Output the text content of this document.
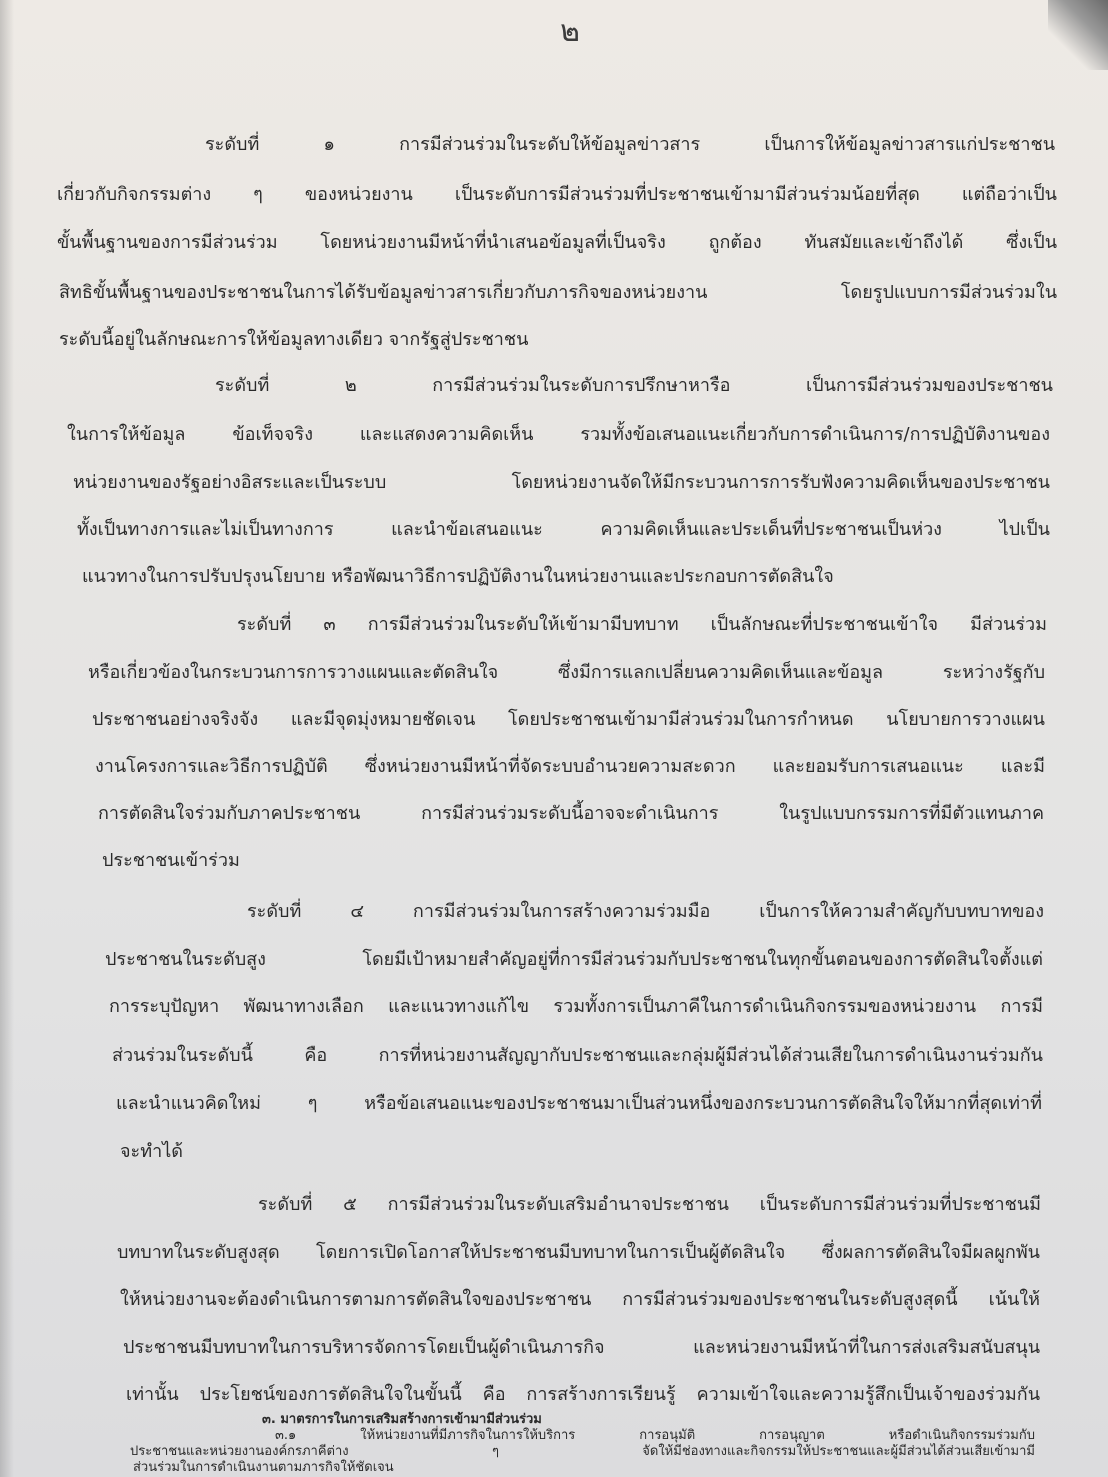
๒
ระดับที่ ๑ การมีส่วนร่วมในระดับให้ข้อมูลข่าวสาร เป็นการให้ข้อมูลข่าวสารแก่ประชาชน
เกี่ยวกับกิจกรรมต่าง ๆ ของหน่วยงาน เป็นระดับการมีส่วนร่วมที่ประชาชนเข้ามามีส่วนร่วมน้อยที่สุด แต่ถือว่าเป็น
ขั้นพื้นฐานของการมีส่วนร่วม โดยหน่วยงานมีหน้าที่นำเสนอข้อมูลที่เป็นจริง ถูกต้อง ทันสมัยและเข้าถึงได้ ซึ่งเป็น
สิทธิขั้นพื้นฐานของประชาชนในการได้รับข้อมูลข่าวสารเกี่ยวกับภารกิจของหน่วยงาน โดยรูปแบบการมีส่วนร่วมใน
ระดับนี้อยู่ในลักษณะการให้ข้อมูลทางเดียว จากรัฐสู่ประชาชน
ระดับที่ ๒ การมีส่วนร่วมในระดับการปรึกษาหารือ เป็นการมีส่วนร่วมของประชาชน
ในการให้ข้อมูล ข้อเท็จจริง และแสดงความคิดเห็น รวมทั้งข้อเสนอแนะเกี่ยวกับการดำเนินการ/การปฏิบัติงานของ
หน่วยงานของรัฐอย่างอิสระและเป็นระบบ โดยหน่วยงานจัดให้มีกระบวนการการรับฟังความคิดเห็นของประชาชน
ทั้งเป็นทางการและไม่เป็นทางการ และนำข้อเสนอแนะ ความคิดเห็นและประเด็นที่ประชาชนเป็นห่วง ไปเป็น
แนวทางในการปรับปรุงนโยบาย หรือพัฒนาวิธีการปฏิบัติงานในหน่วยงานและประกอบการตัดสินใจ
ระดับที่ ๓ การมีส่วนร่วมในระดับให้เข้ามามีบทบาท เป็นลักษณะที่ประชาชนเข้าใจ มีส่วนร่วม
หรือเกี่ยวข้องในกระบวนการการวางแผนและตัดสินใจ ซึ่งมีการแลกเปลี่ยนความคิดเห็นและข้อมูล ระหว่างรัฐกับ
ประชาชนอย่างจริงจัง และมีจุดมุ่งหมายชัดเจน โดยประชาชนเข้ามามีส่วนร่วมในการกำหนด นโยบายการวางแผน
งานโครงการและวิธีการปฏิบัติ ซึ่งหน่วยงานมีหน้าที่จัดระบบอำนวยความสะดวก และยอมรับการเสนอแนะ และมี
การตัดสินใจร่วมกับภาคประชาชน การมีส่วนร่วมระดับนี้อาจจะดำเนินการ ในรูปแบบกรรมการที่มีตัวแทนภาค
ประชาชนเข้าร่วม
ระดับที่ ๔ การมีส่วนร่วมในการสร้างความร่วมมือ เป็นการให้ความสำคัญกับบทบาทของ
ประชาชนในระดับสูง โดยมีเป้าหมายสำคัญอยู่ที่การมีส่วนร่วมกับประชาชนในทุกขั้นตอนของการตัดสินใจตั้งแต่
การระบุปัญหา พัฒนาทางเลือก และแนวทางแก้ไข รวมทั้งการเป็นภาคีในการดำเนินกิจกรรมของหน่วยงาน การมี
ส่วนร่วมในระดับนี้ คือ การที่หน่วยงานสัญญากับประชาชนและกลุ่มผู้มีส่วนได้ส่วนเสียในการดำเนินงานร่วมกัน
และนำแนวคิดใหม่ ๆ หรือข้อเสนอแนะของประชาชนมาเป็นส่วนหนึ่งของกระบวนการตัดสินใจให้มากที่สุดเท่าที่
จะทำได้
ระดับที่ ๕ การมีส่วนร่วมในระดับเสริมอำนาจประชาชน เป็นระดับการมีส่วนร่วมที่ประชาชนมี
บทบาทในระดับสูงสุด โดยการเปิดโอกาสให้ประชาชนมีบทบาทในการเป็นผู้ตัดสินใจ ซึ่งผลการตัดสินใจมีผลผูกพัน
ให้หน่วยงานจะต้องดำเนินการตามการตัดสินใจของประชาชน การมีส่วนร่วมของประชาชนในระดับสูงสุดนี้ เน้นให้
ประชาชนมีบทบาทในการบริหารจัดการโดยเป็นผู้ดำเนินภารกิจ และหน่วยงานมีหน้าที่ในการส่งเสริมสนับสนุน
เท่านั้น ประโยชน์ของการตัดสินใจในขั้นนี้ คือ การสร้างการเรียนรู้ ความเข้าใจและความรู้สึกเป็นเจ้าของร่วมกัน
๓. มาตรการในการเสริมสร้างการเข้ามามีส่วนร่วม
๓.๑ ให้หน่วยงานที่มีภารกิจในการให้บริการ การอนุมัติ การอนุญาต หรือดำเนินกิจกรรมร่วมกับ
ประชาชนและหน่วยงานองค์กรภาคีต่าง ๆ จัดให้มีช่องทางและกิจกรรมให้ประชาชนและผู้มีส่วนได้ส่วนเสียเข้ามามี
ส่วนร่วมในการดำเนินงานตามภารกิจให้ชัดเจน
